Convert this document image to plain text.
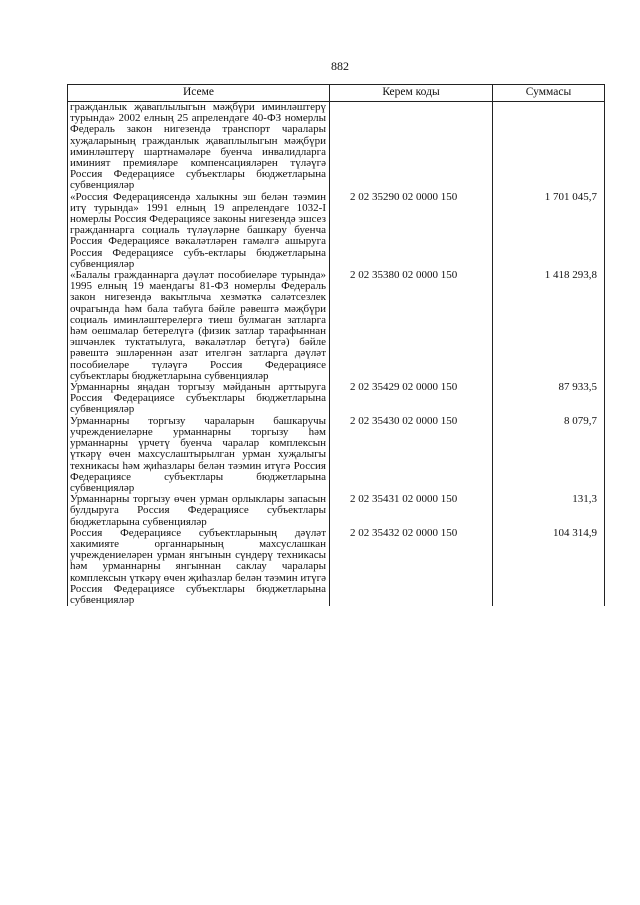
882
Исеме	Керем коды	Суммасы
гражданлык җаваплылыгын мәҗбүри иминләштерү турында» 2002 елның 25 апрелендәге 40-ФЗ номерлы Федераль закон нигезендә транспорт чаралары хуҗаларының гражданлык җаваплылыгын мәҗбүри иминләштерү шартнамәләре буенча инвалидларга иминият премияләре компенсацияләрен түләүгә Россия Федерациясе субъектлары бюджетларына субвенцияләр		
«Россия Федерациясендә халыкны эш белән тәэмин итү турында» 1991 елның 19 апрелендәге 1032-I номерлы Россия Федерациясе законы нигезендә эшсез гражданнарга социаль түләүләрне башкару буенча Россия Федерациясе вәкаләтләрен гамәлгә ашыруга Россия Федерациясе субъ-ектлары бюджетларына субвенцияләр	2 02 35290 02 0000 150	1 701 045,7
«Балалы гражданнарга дәүләт пособиеләре турында» 1995 елның 19 маендагы 81-ФЗ номерлы Федераль закон нигезендә вакытлыча хезмәткә сәләтсезлек очрагында һәм бала табуга бәйле рәвештә мәҗбүри социаль иминләштерелергә тиеш булмаган затларга һәм оешмалар бетерелүгә (физик затлар тарафыннан эшчәнлек туктатылуга, вәкаләтләр бетүгә) бәйле рәвештә эшләреннән азат ителгән затларга дәүләт пособиеләре түләүгә Россия Федерациясе субъектлары бюджетларына субвенцияләр	2 02 35380 02 0000 150	1 418 293,8
Урманнарны яңадан торгызу мәйданын арттыруга Россия Федерациясе субъектлары бюджетларына субвенцияләр	2 02 35429 02 0000 150	87 933,5
Урманнарны торгызу чараларын башкаручы учреждениеләрне урманнарны торгызу һәм урманнарны үрчетү буенча чаралар комплексын үткәрү өчен махсуслаштырылган урман хуҗалыгы техникасы һәм җиһазлары белән тәэмин итүгә Россия Федерациясе субъектлары бюджетларына субвенцияләр	2 02 35430 02 0000 150	8 079,7
Урманнарны торгызу өчен урман орлыклары запасын булдыруга Россия Федерациясе субъектлары бюджетларына субвенцияләр	2 02 35431 02 0000 150	131,3
Россия Федерациясе субъектларының дәүләт хакимияте органнарының махсуслашкан учреждениеләрен урман янгынын сүндерү техникасы һәм урманнарны янгыннан саклау чаралары комплексын үткәрү өчен җиһазлар белән тәэмин итүгә Россия Федерациясе субъектлары бюджетларына субвенцияләр	2 02 35432 02 0000 150	104 314,9
